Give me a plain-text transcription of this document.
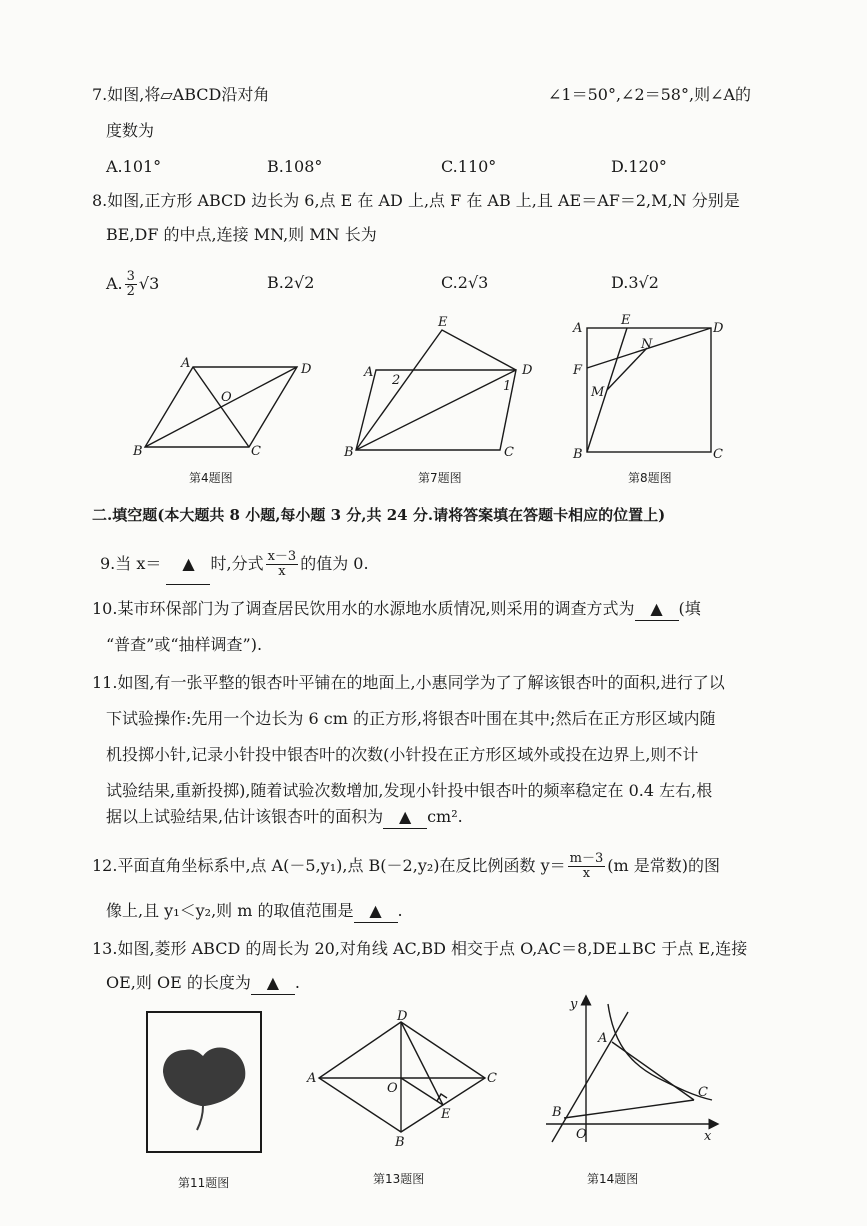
7.如图,将▱ABCD沿对角	∠1＝50°,∠2＝58°,则∠A的
度数为
A.101°	B.108°	C.110°	D.120°
8.如图,正方形 ABCD 边长为 6,点 E 在 AD 上,点 F 在 AB 上,且 AE＝AF＝2,M,N 分别是
BE,DF 的中点,连接 MN,则 MN 长为
A. $\frac{3}{2} √3$	B.2√2	C.2√3	D.3√2
A	D
O
B	C
第4题图
E
A
2
D
1
B	C
第7题图
A
E
D
N
F
M
B	C
第8题图
二.填空题(本大题共 8 小题,每小题 3 分,共 24 分.请将答案填在答题卡相应的位置上)
9.当 x＝ ▲ 时,分式 $\frac{x-3}{x}$ 的值为 0.
10.某市环保部门为了调查居民饮用水的水源地水质情况,则采用的调查方式为 ▲ (填
“普查”或“抽样调查”).
11.如图,有一张平整的银杏叶平铺在的地面上,小惠同学为了了解该银杏叶的面积,进行了以
下试验操作:先用一个边长为 6 cm 的正方形,将银杏叶围在其中;然后在正方形区域内随
机投掷小针,记录小针投中银杏叶的次数(小针投在正方形区域外或投在边界上,则不计
试验结果,重新投掷),随着试验次数增加,发现小针投中银杏叶的频率稳定在 0.4 左右,根
据以上试验结果,估计该银杏叶的面积为 ▲ cm².
12.平面直角坐标系中,点 A(－5,y₁),点 B(－2,y₂)在反比例函数 $y= \frac{m-3}{x} (m$ 是常数)的图
像上,且 y₁＜y₂,则 m 的取值范围是 ▲ .
13.如图,菱形 ABCD 的周长为 20,对角线 AC,BD 相交于点 O,AC＝8,DE⊥BC 于点 E,连接
OE,则 OE 的长度为 ▲ .
第11题图
D
A
O
C
E
B
第13题图
y
A
C
B
O	x
第14题图
